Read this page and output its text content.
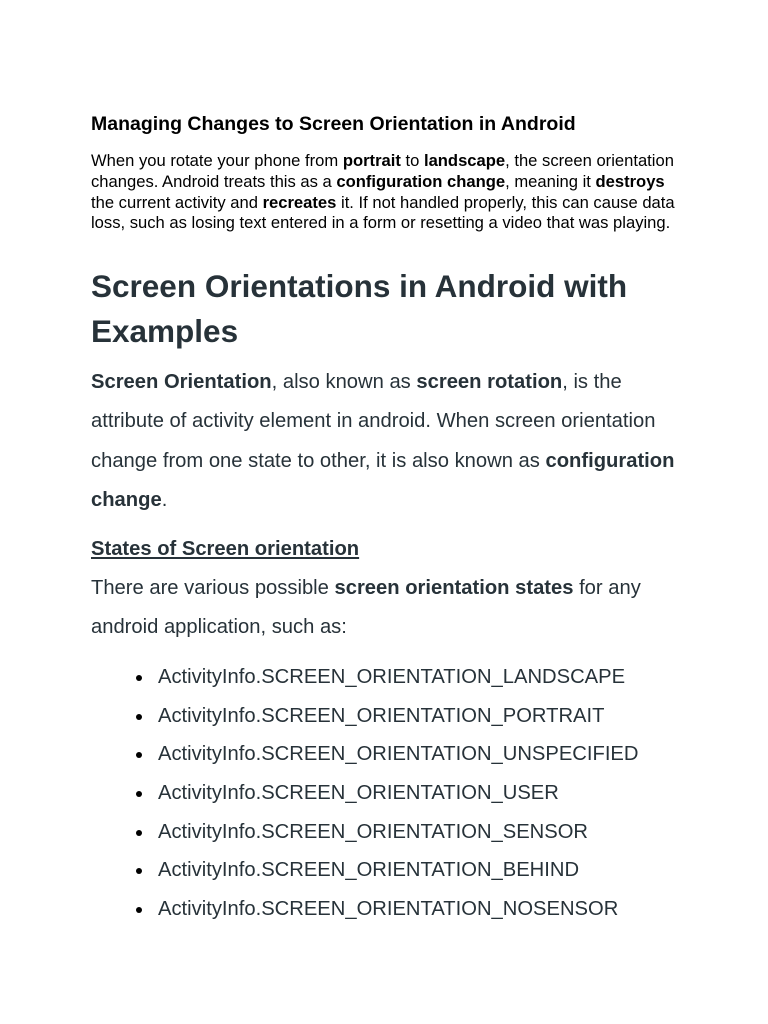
Managing Changes to Screen Orientation in Android

When you rotate your phone from portrait to landscape, the screen orientation changes. Android treats this as a configuration change, meaning it destroys the current activity and recreates it. If not handled properly, this can cause data loss, such as losing text entered in a form or resetting a video that was playing.

Screen Orientations in Android with Examples

Screen Orientation, also known as screen rotation, is the attribute of activity element in android. When screen orientation change from one state to other, it is also known as configuration change.

States of Screen orientation

There are various possible screen orientation states for any android application, such as:

ActivityInfo.SCREEN_ORIENTATION_LANDSCAPE
ActivityInfo.SCREEN_ORIENTATION_PORTRAIT
ActivityInfo.SCREEN_ORIENTATION_UNSPECIFIED
ActivityInfo.SCREEN_ORIENTATION_USER
ActivityInfo.SCREEN_ORIENTATION_SENSOR
ActivityInfo.SCREEN_ORIENTATION_BEHIND
ActivityInfo.SCREEN_ORIENTATION_NOSENSOR
